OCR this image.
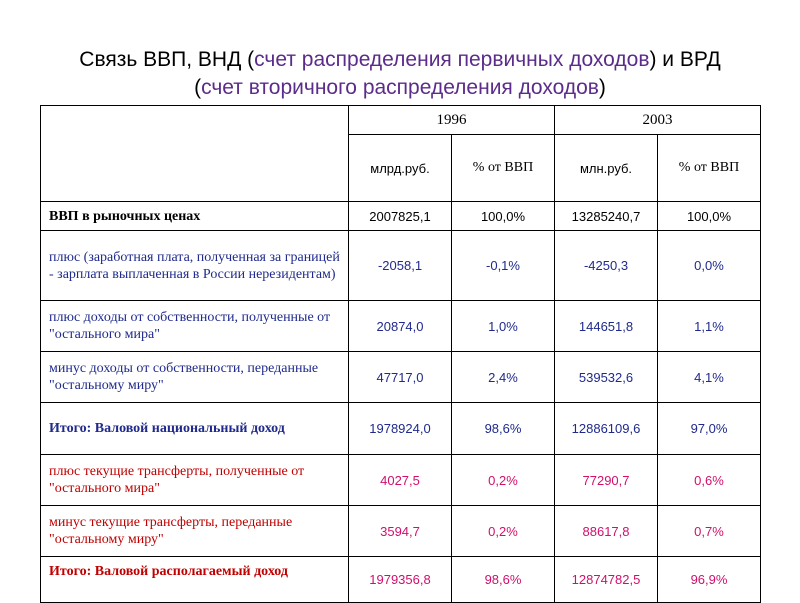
Связь ВВП, ВНД (счет распределения первичных доходов) и ВРД
(счет вторичного распределения доходов)
	1996		2003	
	млрд.руб.	% от ВВП	млн.руб.	% от ВВП
ВВП в рыночных ценах	2007825,1	100,0%	13285240,7	100,0%
плюс (заработная плата, полученная за границей - зарплата выплаченная в России нерезидентам)	-2058,1	-0,1%	-4250,3	0,0%
плюс доходы от собственности, полученные от "остального мира"	20874,0	1,0%	144651,8	1,1%
минус доходы от собственности, переданные "остальному миру"	47717,0	2,4%	539532,6	4,1%
Итого: Валовой национальный доход	1978924,0	98,6%	12886109,6	97,0%
плюс текущие трансферты, полученные от "остального мира"	4027,5	0,2%	77290,7	0,6%
минус текущие трансферты, переданные "остальному миру"	3594,7	0,2%	88617,8	0,7%
Итого: Валовой располагаемый доход	1979356,8	98,6%	12874782,5	96,9%
